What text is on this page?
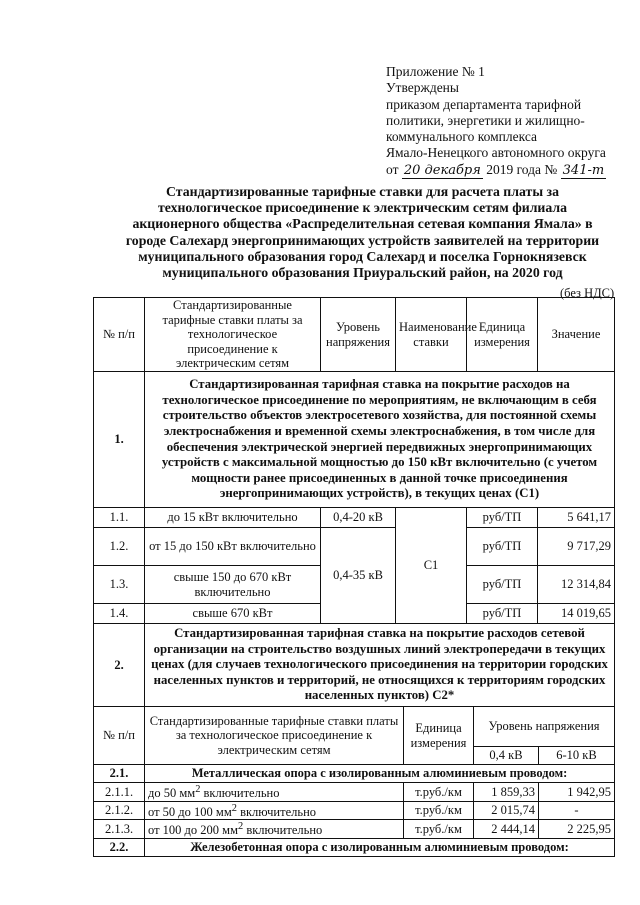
Приложение № 1
Утверждены
приказом департамента тарифной
политики, энергетики и жилищно-
коммунального комплекса
Ямало-Ненецкого автономного округа
от 20 декабря 2019 года № 341-т
Стандартизированные тарифные ставки для расчета платы за технологическое присоединение к электрическим сетям филиала акционерного общества «Распределительная сетевая компания Ямала» в городе Салехард энергопринимающих устройств заявителей на территории муниципального образования город Салехард и поселка Горнокнязевск муниципального образования Приуральский район, на 2020 год
(без НДС)
№ п/п	Стандартизированные тарифные ставки платы за технологическое присоединение к электрическим сетям	Уровень напряжения	Наименование ставки	Единица измерения	Значение
1.	Стандартизированная тарифная ставка на покрытие расходов на технологическое присоединение по мероприятиям, не включающим в себя строительство объектов электросетевого хозяйства, для постоянной схемы электроснабжения и временной схемы электроснабжения, в том числе для обеспечения электрической энергией передвижных энергопринимающих устройств с максимальной мощностью до 150 кВт включительно (с учетом мощности ранее присоединенных в данной точке присоединения энергопринимающих устройств), в текущих ценах (С1)				
1.1.	до 15 кВт включительно	0,4-20 кВ	С1	руб/ТП	5 641,17
1.2.	от 15 до 150 кВт включительно	0,4-35 кВ		руб/ТП	9 717,29
1.3.	свыше 150 до 670 кВт включительно			руб/ТП	12 314,84
1.4.	свыше 670 кВт			руб/ТП	14 019,65
2.	Стандартизированная тарифная ставка на покрытие расходов сетевой организации на строительство воздушных линий электропередачи в текущих ценах (для случаев технологического присоединения на территории городских населенных пунктов и территорий, не относящихся к территориям городских населенных пунктов) С2*				
№ п/п	Стандартизированные тарифные ставки платы за технологическое присоединение к электрическим сетям	Единица измерения	Уровень напряжения	
			0,4 кВ	6-10 кВ
2.1.	Металлическая опора с изолированным алюминиевым проводом:			
2.1.1.	до 50 $мм^2$ включительно	т.руб./км	1 859,33	1 942,95
2.1.2.	от 50 до 100 $мм^2$ включительно	т.руб./км	2 015,74	-
2.1.3.	от 100 до 200 $мм^2$ включительно	т.руб./км	2 444,14	2 225,95
2.2.	Железобетонная опора с изолированным алюминиевым проводом:			
